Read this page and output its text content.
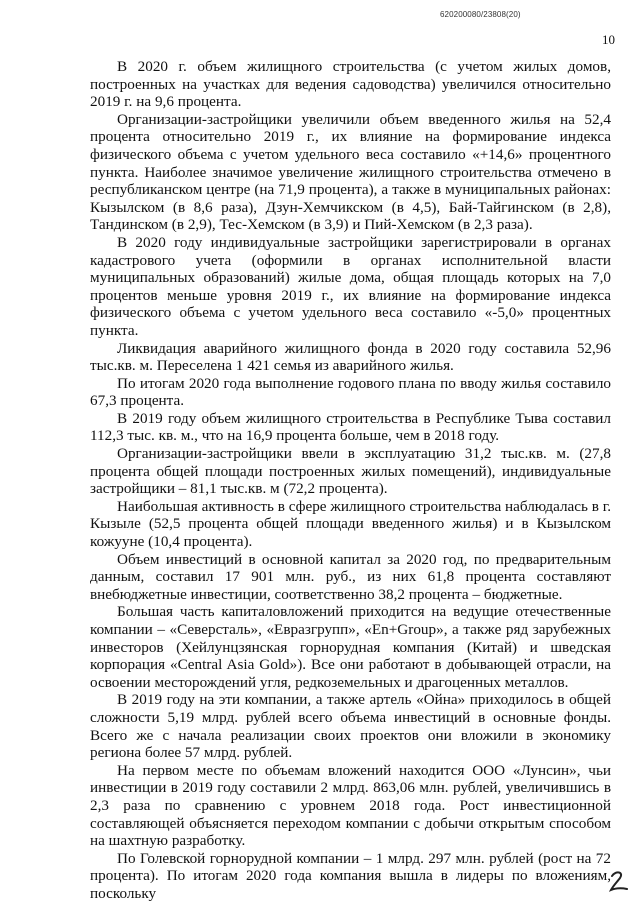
620200080/23808(20)
10

В 2020 г. объем жилищного строительства (с учетом жилых домов, построенных на участках для ведения садоводства) увеличился относительно 2019 г. на 9,6 процента.

Организации-застройщики увеличили объем введенного жилья на 52,4 процента относительно 2019 г., их влияние на формирование индекса физического объема с учетом удельного веса составило «+14,6» процентного пункта. Наиболее значимое увеличение жилищного строительства отмечено в республиканском центре (на 71,9 процента), а также в муниципальных районах: Кызылском (в 8,6 раза), Дзун-Хемчикском (в 4,5), Бай-Тайгинском (в 2,8), Тандинском (в 2,9), Тес-Хемском (в 3,9) и Пий-Хемском (в 2,3 раза).

В 2020 году индивидуальные застройщики зарегистрировали в органах кадастрового учета (оформили в органах исполнительной власти муниципальных образований) жилые дома, общая площадь которых на 7,0 процентов меньше уровня 2019 г., их влияние на формирование индекса физического объема с учетом удельного веса составило «-5,0» процентных пункта.

Ликвидация аварийного жилищного фонда в 2020 году составила 52,96 тыс.кв. м. Переселена 1 421 семья из аварийного жилья.

По итогам 2020 года выполнение годового плана по вводу жилья составило 67,3 процента.

В 2019 году объем жилищного строительства в Республике Тыва составил 112,3 тыс. кв. м., что на 16,9 процента больше, чем в 2018 году.

Организации-застройщики ввели в эксплуатацию 31,2 тыс.кв. м. (27,8 процента общей площади построенных жилых помещений), индивидуальные застройщики – 81,1 тыс.кв. м (72,2 процента).

Наибольшая активность в сфере жилищного строительства наблюдалась в г. Кызыле (52,5 процента общей площади введенного жилья) и в Кызылском кожууне (10,4 процента).

Объем инвестиций в основной капитал за 2020 год, по предварительным данным, составил 17 901 млн. руб., из них 61,8 процента составляют внебюджетные инвестиции, соответственно 38,2 процента – бюджетные.

Большая часть капиталовложений приходится на ведущие отечественные компании – «Северсталь», «Евразгрупп», «En+Group», а также ряд зарубежных инвесторов (Хейлунцзянская горнорудная компания (Китай) и шведская корпорация «Central Asia Gold»). Все они работают в добывающей отрасли, на освоении месторождений угля, редкоземельных и драгоценных металлов.

В 2019 году на эти компании, а также артель «Ойна» приходилось в общей сложности 5,19 млрд. рублей всего объема инвестиций в основные фонды. Всего же с начала реализации своих проектов они вложили в экономику региона более 57 млрд. рублей.

На первом месте по объемам вложений находится ООО «Лунсин», чьи инвестиции в 2019 году составили 2 млрд. 863,06 млн. рублей, увеличившись в 2,3 раза по сравнению с уровнем 2018 года. Рост инвестиционной составляющей объясняется переходом компании с добычи открытым способом на шахтную разработку.

По Голевской горнорудной компании – 1 млрд. 297 млн. рублей (рост на 72 процента). По итогам 2020 года компания вышла в лидеры по вложениям, поскольку
